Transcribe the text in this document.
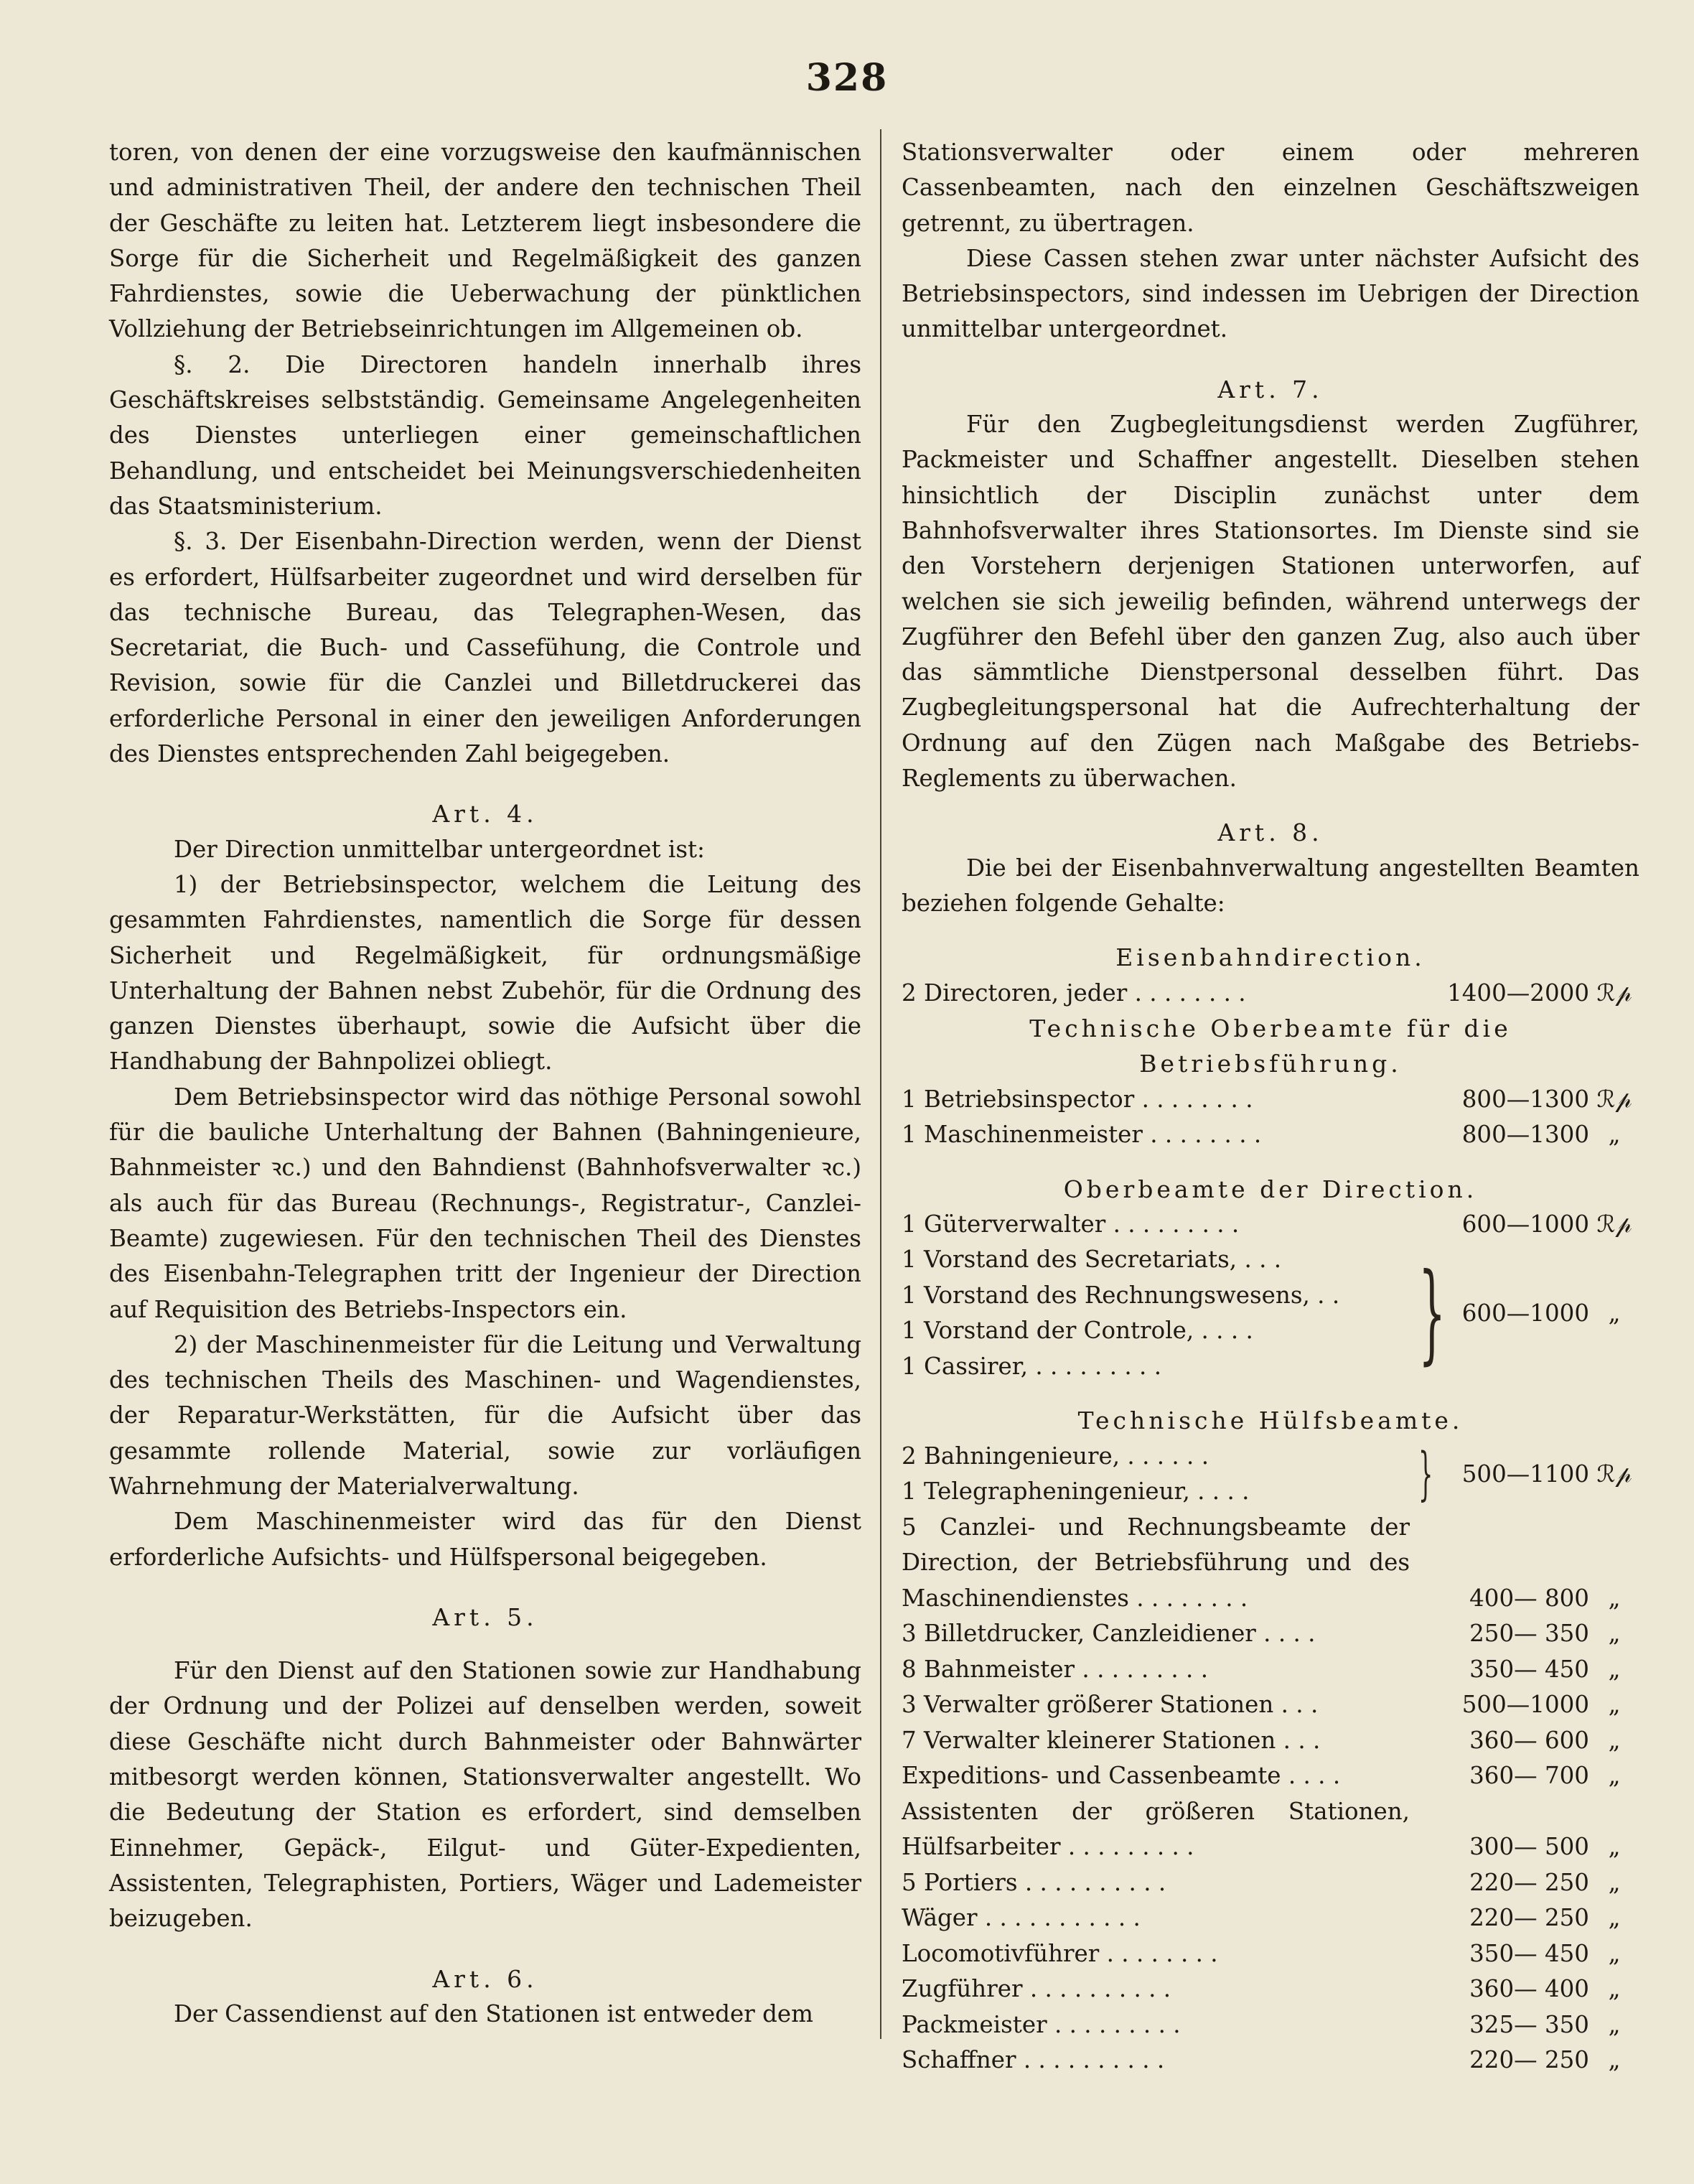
328

toren, von denen der eine vorzugsweise den kaufmännischen und administrativen Theil, der andere den technischen Theil der Geschäfte zu leiten hat. Letzterem liegt insbesondere die Sorge für die Sicherheit und Regelmäßigkeit des ganzen Fahrdienstes, sowie die Ueberwachung der pünktlichen Vollziehung der Betriebseinrichtungen im Allgemeinen ob.

§. 2. Die Directoren handeln innerhalb ihres Geschäftskreises selbstständig. Gemeinsame Angelegenheiten des Dienstes unterliegen einer gemeinschaftlichen Behandlung, und entscheidet bei Meinungsverschiedenheiten das Staatsministerium.

§. 3. Der Eisenbahn-Direction werden, wenn der Dienst es erfordert, Hülfsarbeiter zugeordnet und wird derselben für das technische Bureau, das Telegraphen-Wesen, das Secretariat, die Buch- und Cassefühung, die Controle und Revision, sowie für die Canzlei und Billetdruckerei das erforderliche Personal in einer den jeweiligen Anforderungen des Dienstes entsprechenden Zahl beigegeben.

Art. 4.

Der Direction unmittelbar untergeordnet ist:

1) der Betriebsinspector, welchem die Leitung des gesammten Fahrdienstes, namentlich die Sorge für dessen Sicherheit und Regelmäßigkeit, für ordnungsmäßige Unterhaltung der Bahnen nebst Zubehör, für die Ordnung des ganzen Dienstes überhaupt, sowie die Aufsicht über die Handhabung der Bahnpolizei obliegt.

Dem Betriebsinspector wird das nöthige Personal sowohl für die bauliche Unterhaltung der Bahnen (Bahningenieure, Bahnmeister ꝛc.) und den Bahndienst (Bahnhofsverwalter ꝛc.) als auch für das Bureau (Rechnungs-, Registratur-, Canzlei-Beamte) zugewiesen. Für den technischen Theil des Dienstes des Eisenbahn-Telegraphen tritt der Ingenieur der Direction auf Requisition des Betriebs-Inspectors ein.

2) der Maschinenmeister für die Leitung und Verwaltung des technischen Theils des Maschinen- und Wagendienstes, der Reparatur-Werkstätten, für die Aufsicht über das gesammte rollende Material, sowie zur vorläufigen Wahrnehmung der Materialverwaltung.

Dem Maschinenmeister wird das für den Dienst erforderliche Aufsichts- und Hülfspersonal beigegeben.

Art. 5.

Für den Dienst auf den Stationen sowie zur Handhabung der Ordnung und der Polizei auf denselben werden, soweit diese Geschäfte nicht durch Bahnmeister oder Bahnwärter mitbesorgt werden können, Stationsverwalter angestellt. Wo die Bedeutung der Station es erfordert, sind demselben Einnehmer, Gepäck-, Eilgut- und Güter-Expedienten, Assistenten, Telegraphisten, Portiers, Wäger und Lademeister beizugeben.

Art. 6.

Der Cassendienst auf den Stationen ist entweder dem

Stationsverwalter oder einem oder mehreren Cassenbeamten, nach den einzelnen Geschäftszweigen getrennt, zu übertragen.

Diese Cassen stehen zwar unter nächster Aufsicht des Betriebsinspectors, sind indessen im Uebrigen der Direction unmittelbar untergeordnet.

Art. 7.

Für den Zugbegleitungsdienst werden Zugführer, Packmeister und Schaffner angestellt. Dieselben stehen hinsichtlich der Disciplin zunächst unter dem Bahnhofsverwalter ihres Stationsortes. Im Dienste sind sie den Vorstehern derjenigen Stationen unterworfen, auf welchen sie sich jeweilig befinden, während unterwegs der Zugführer den Befehl über den ganzen Zug, also auch über das sämmtliche Dienstpersonal desselben führt. Das Zugbegleitungspersonal hat die Aufrechterhaltung der Ordnung auf den Zügen nach Maßgabe des Betriebs-Reglements zu überwachen.

Art. 8.

Die bei der Eisenbahnverwaltung angestellten Beamten beziehen folgende Gehalte:

Eisenbahndirection.

2 Directoren, jeder . . . . . . . .	1400—2000 ℛ𝓅

Technische Oberbeamte für die Betriebsführung.

1 Betriebsinspector . . . . . . . .	800—1300 ℛ𝓅
1 Maschinenmeister . . . . . . . .	800—1300 „

Oberbeamte der Direction.

1 Güterverwalter . . . . . . . . .	600—1000 ℛ𝓅
1 Vorstand des Secretariats, . . .
1 Vorstand des Rechnungswesens, . .
1 Vorstand der Controle, . . . .
1 Cassirer, . . . . . . . . .	} 600—1000 „

Technische Hülfsbeamte.

2 Bahningenieure, . . . . . .
1 Telegrapheningenieur, . . . .	}	500—1100 ℛ𝓅
5 Canzlei- und Rechnungsbeamte der Direction, der Betriebsführung und des Maschinendienstes . . . . . . . .	400— 800 „
3 Billetdrucker, Canzleidiener . . . .	250— 350 „
8 Bahnmeister . . . . . . . . .	350— 450 „
3 Verwalter größerer Stationen . . .	500—1000 „
7 Verwalter kleinerer Stationen . . .	360— 600 „
Expeditions- und Cassenbeamte . . . .	360— 700 „
Assistenten der größeren Stationen, Hülfsarbeiter . . . . . . . . .	300— 500 „
5 Portiers . . . . . . . . . .	220— 250 „
Wäger . . . . . . . . . . .	220— 250 „
Locomotivführer . . . . . . . .	350— 450 „
Zugführer . . . . . . . . . .	360— 400 „
Packmeister . . . . . . . . .	325— 350 „
Schaffner . . . . . . . . . .	220— 250 „
